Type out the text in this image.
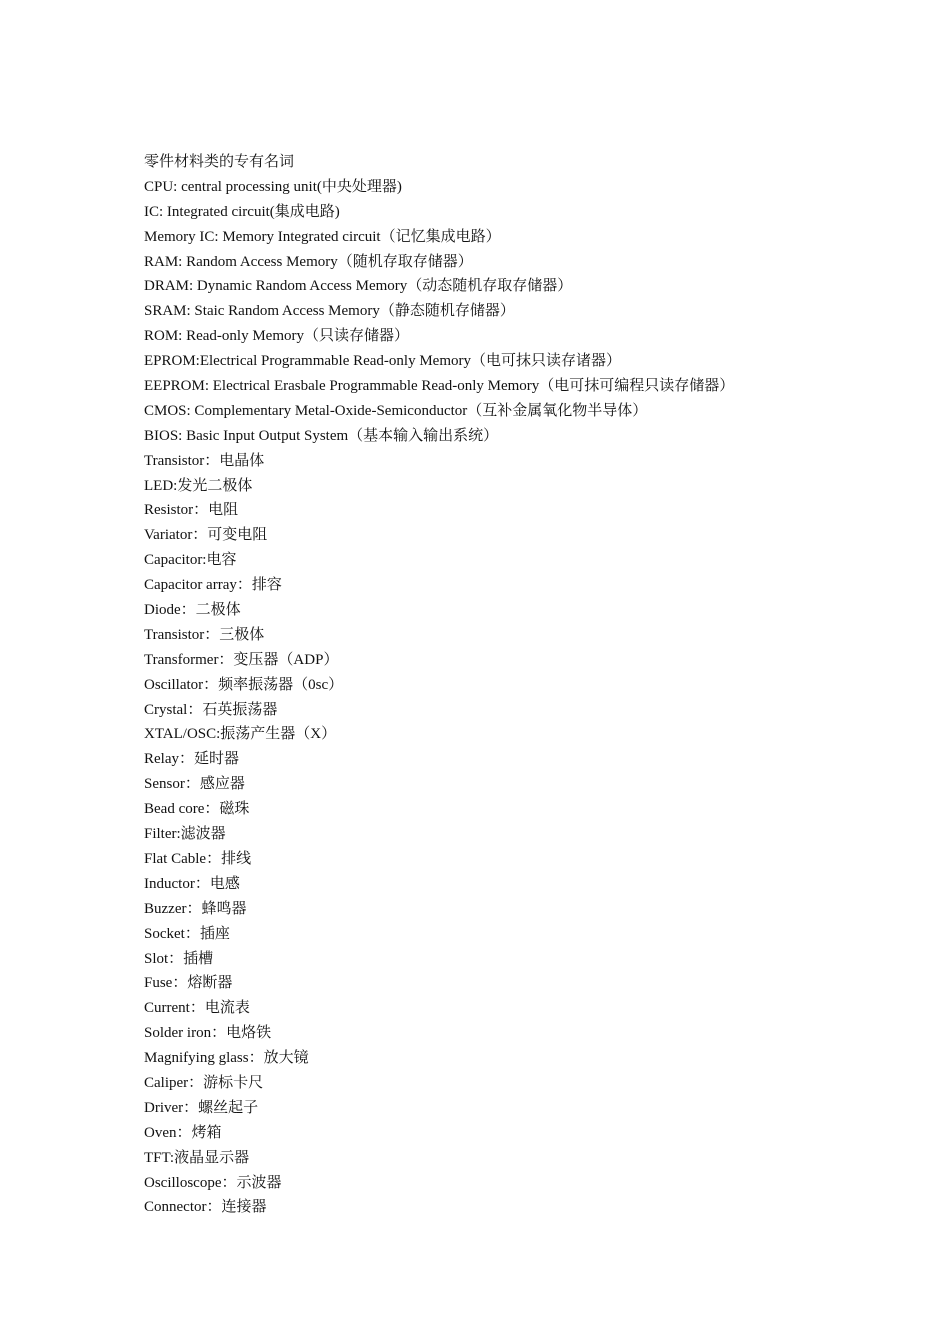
零件材料类的专有名词
CPU: central processing unit(中央处理器)
IC: Integrated circuit(集成电路)
Memory IC: Memory Integrated circuit（记忆集成电路）
RAM: Random Access Memory（随机存取存储器）
DRAM: Dynamic Random Access Memory（动态随机存取存储器）
SRAM: Staic Random Access Memory（静态随机存储器）
ROM: Read-only Memory（只读存储器）
EPROM:Electrical Programmable Read-only Memory（电可抹只读存诸器）
EEPROM: Electrical Erasbale Programmable Read-only Memory（电可抹可编程只读存储器）
CMOS: Complementary Metal-Oxide-Semiconductor（互补金属氧化物半导体）
BIOS: Basic Input Output System（基本输入输出系统）
Transistor：电晶体
LED:发光二极体
Resistor：电阻
Variator：可变电阻
Capacitor:电容
Capacitor array：排容
Diode：二极体
Transistor：三极体
Transformer：变压器（ADP）
Oscillator：频率振荡器（0sc）
Crystal：石英振荡器
XTAL/OSC:振荡产生器（X）
Relay：延时器
Sensor：感应器
Bead core：磁珠
Filter:滤波器
Flat Cable：排线
Inductor：电感
Buzzer：蜂鸣器
Socket：插座
Slot：插槽
Fuse：熔断器
Current：电流表
Solder iron：电烙铁
Magnifying glass：放大镜
Caliper：游标卡尺
Driver：螺丝起子
Oven：烤箱
TFT:液晶显示器
Oscilloscope：示波器
Connector：连接器
